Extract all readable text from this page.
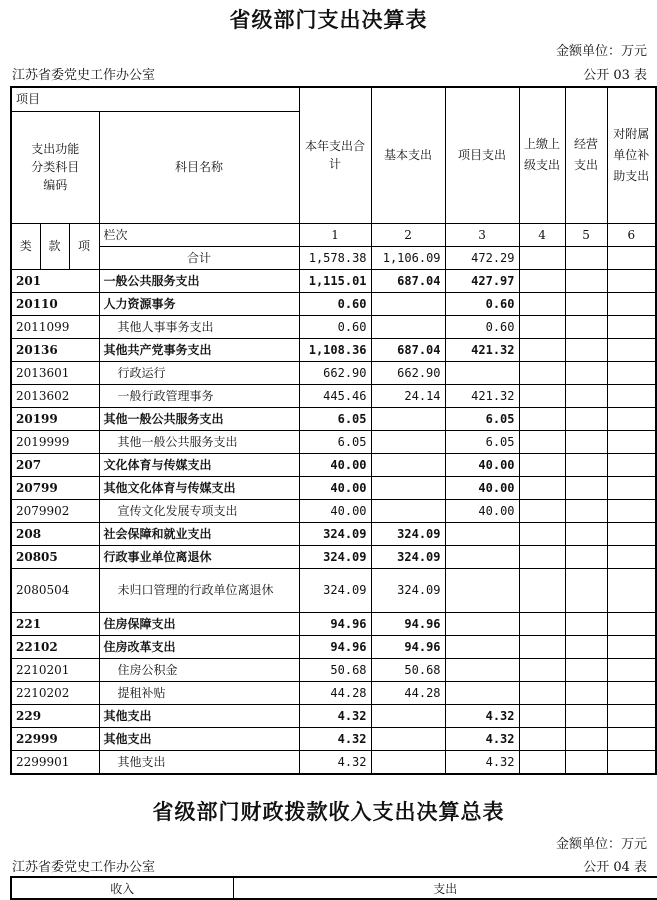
省级部门支出决算表
金额单位：万元
江苏省委党史工作办公室	公开 03 表
项目				本年支出合计	基本支出	项目支出	上缴上级支出	经营支出	对附属单位补助支出
支出功能分类科目编码			科目名称						
类	款	项	栏次	1	2	3	4	5	6
			合计	1,578.38	1,106.09	472.29			
201			一般公共服务支出	1,115.01	687.04	427.97			
20110			人力资源事务	0.60		0.60			
2011099			其他人事事务支出	0.60		0.60			
20136			其他共产党事务支出	1,108.36	687.04	421.32			
2013601			行政运行	662.90	662.90				
2013602			一般行政管理事务	445.46	24.14	421.32			
20199			其他一般公共服务支出	6.05		6.05			
2019999			其他一般公共服务支出	6.05		6.05			
207			文化体育与传媒支出	40.00		40.00			
20799			其他文化体育与传媒支出	40.00		40.00			
2079902			宣传文化发展专项支出	40.00		40.00			
208			社会保障和就业支出	324.09	324.09				
20805			行政事业单位离退休	324.09	324.09				
2080504			未归口管理的行政单位离退休	324.09	324.09				
221			住房保障支出	94.96	94.96				
22102			住房改革支出	94.96	94.96				
2210201			住房公积金	50.68	50.68				
2210202			提租补贴	44.28	44.28				
229			其他支出	4.32		4.32			
22999			其他支出	4.32		4.32			
2299901			其他支出	4.32		4.32			
省级部门财政拨款收入支出决算总表
金额单位：万元
江苏省委党史工作办公室	公开 04 表
收入	支出
